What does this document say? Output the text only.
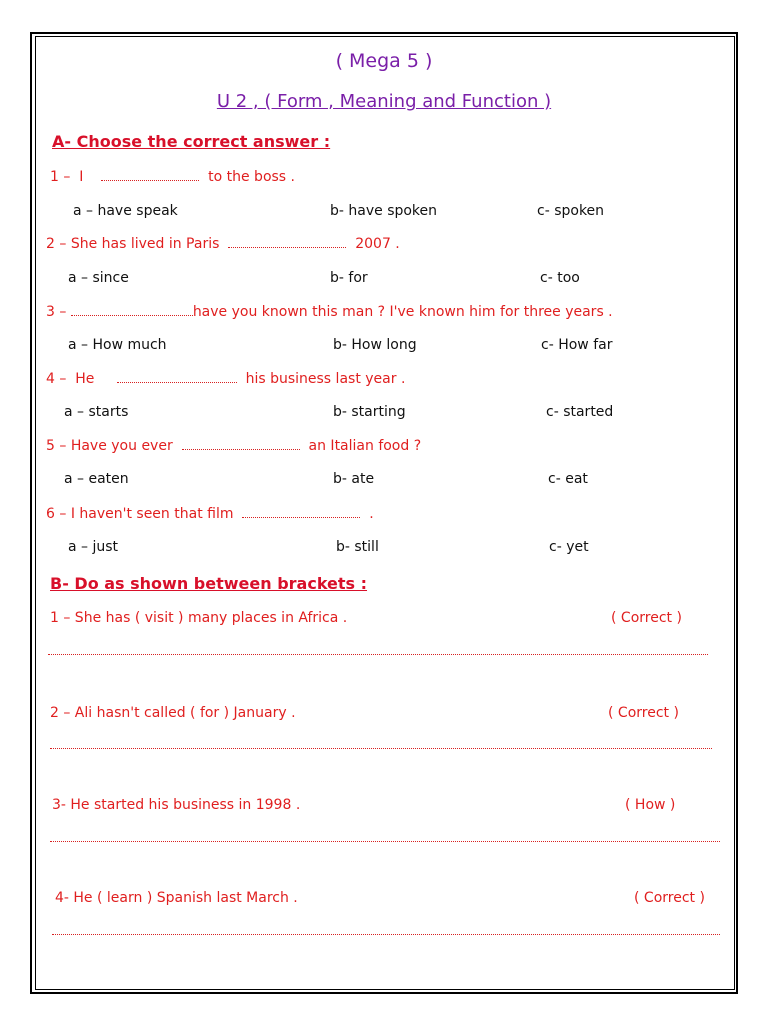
( Mega 5 )
U 2 , ( Form , Meaning and Function )
A- Choose the correct answer :
1 – I	to the boss .
a – have speak	b- have spoken	c- spoken
2 – She has lived in Paris	2007 .
a – since	b- for	c- too
3 –	have you known this man ? I've known him for three years .
a – How much	b- How long	c- How far
4 – He	his business last year .
a – starts	b- starting	c- started
5 – Have you ever	an Italian food ?
a – eaten	b- ate	c- eat
6 – I haven't seen that film	.
a – just	b- still	c- yet
B- Do as shown between brackets :
1 – She has ( visit ) many places in Africa .	( Correct )
2 – Ali hasn't called ( for ) January .	( Correct )
3- He started his business in 1998 .	( How )
4- He ( learn ) Spanish last March .	( Correct )
